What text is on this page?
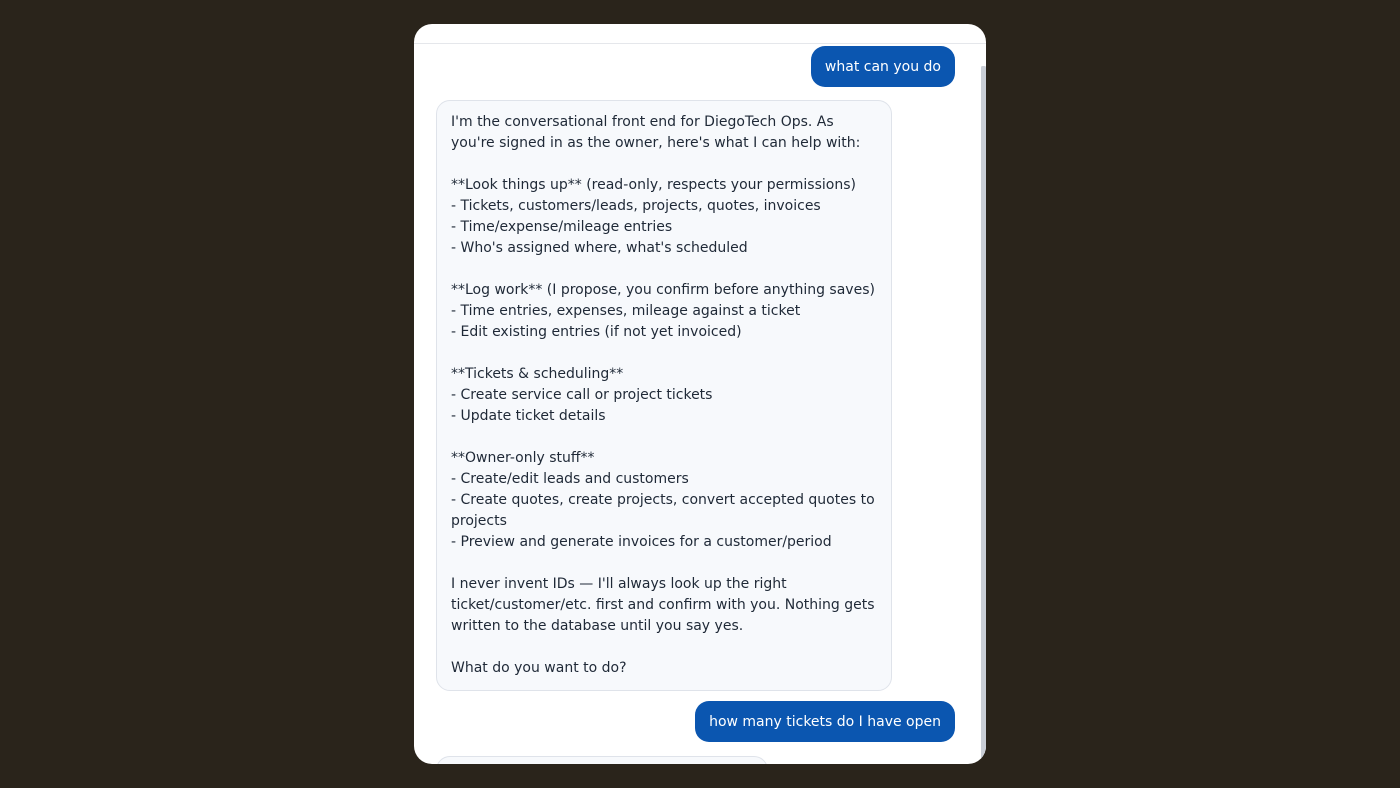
what can you do
I'm the conversational front end for DiegoTech Ops. As you're signed in as the owner, here's what I can help with:

**Look things up** (read-only, respects your permissions)
- Tickets, customers/leads, projects, quotes, invoices
- Time/expense/mileage entries
- Who's assigned where, what's scheduled

**Log work** (I propose, you confirm before anything saves)
- Time entries, expenses, mileage against a ticket
- Edit existing entries (if not yet invoiced)

**Tickets & scheduling**
- Create service call or project tickets
- Update ticket details

**Owner-only stuff**
- Create/edit leads and customers
- Create quotes, create projects, convert accepted quotes to projects
- Preview and generate invoices for a customer/period

I never invent IDs — I'll always look up the right ticket/customer/etc. first and confirm with you. Nothing gets written to the database until you say yes.

What do you want to do?
how many tickets do I have open
